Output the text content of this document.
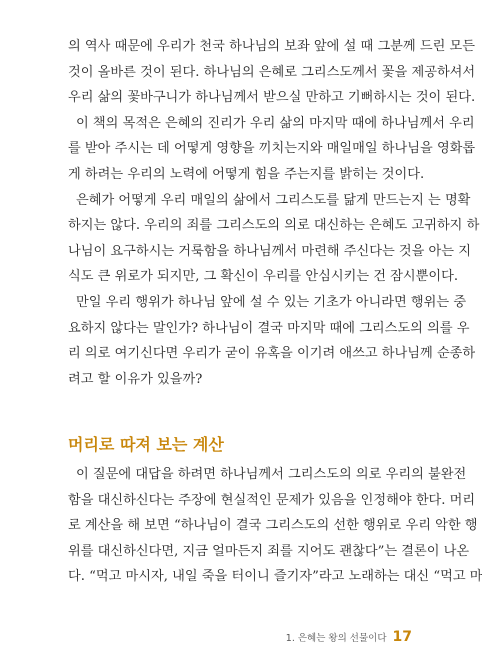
의 역사 때문에 우리가 천국 하나님의 보좌 앞에 설 때 그분께 드린 모든
것이 올바른 것이 된다. 하나님의 은혜로 그리스도께서 꽃을 제공하셔서
우리 삶의 꽃바구니가 하나님께서 받으실 만하고 기뻐하시는 것이 된다.

이 책의 목적은 은혜의 진리가 우리 삶의 마지막 때에 하나님께서 우리
를 받아 주시는 데 어떻게 영향을 끼치는지와 매일매일 하나님을 영화롭
게 하려는 우리의 노력에 어떻게 힘을 주는지를 밝히는 것이다.

은혜가 어떻게 우리 매일의 삶에서 그리스도를 닮게 만드는지 는 명확
하지는 않다. 우리의 죄를 그리스도의 의로 대신하는 은혜도 고귀하지 하
나님이 요구하시는 거룩함을 하나님께서 마련해 주신다는 것을 아는 지
식도 큰 위로가 되지만, 그 확신이 우리를 안심시키는 건 잠시뿐이다.

만일 우리 행위가 하나님 앞에 설 수 있는 기초가 아니라면 행위는 중
요하지 않다는 말인가? 하나님이 결국 마지막 때에 그리스도의 의를 우
리 의로 여기신다면 우리가 굳이 유혹을 이기려 애쓰고 하나님께 순종하
려고 할 이유가 있을까?

머리로 따져 보는 계산

이 질문에 대답을 하려면 하나님께서 그리스도의 의로 우리의 불완전
함을 대신하신다는 주장에 현실적인 문제가 있음을 인정해야 한다. 머리
로 계산을 해 보면 “하나님이 결국 그리스도의 선한 행위로 우리 악한 행
위를 대신하신다면, 지금 얼마든지 죄를 지어도 괜찮다”는 결론이 나온
다. “먹고 마시자, 내일 죽을 터이니 즐기자”라고 노래하는 대신 “먹고 마

1. 은혜는 왕의 선물이다 17
